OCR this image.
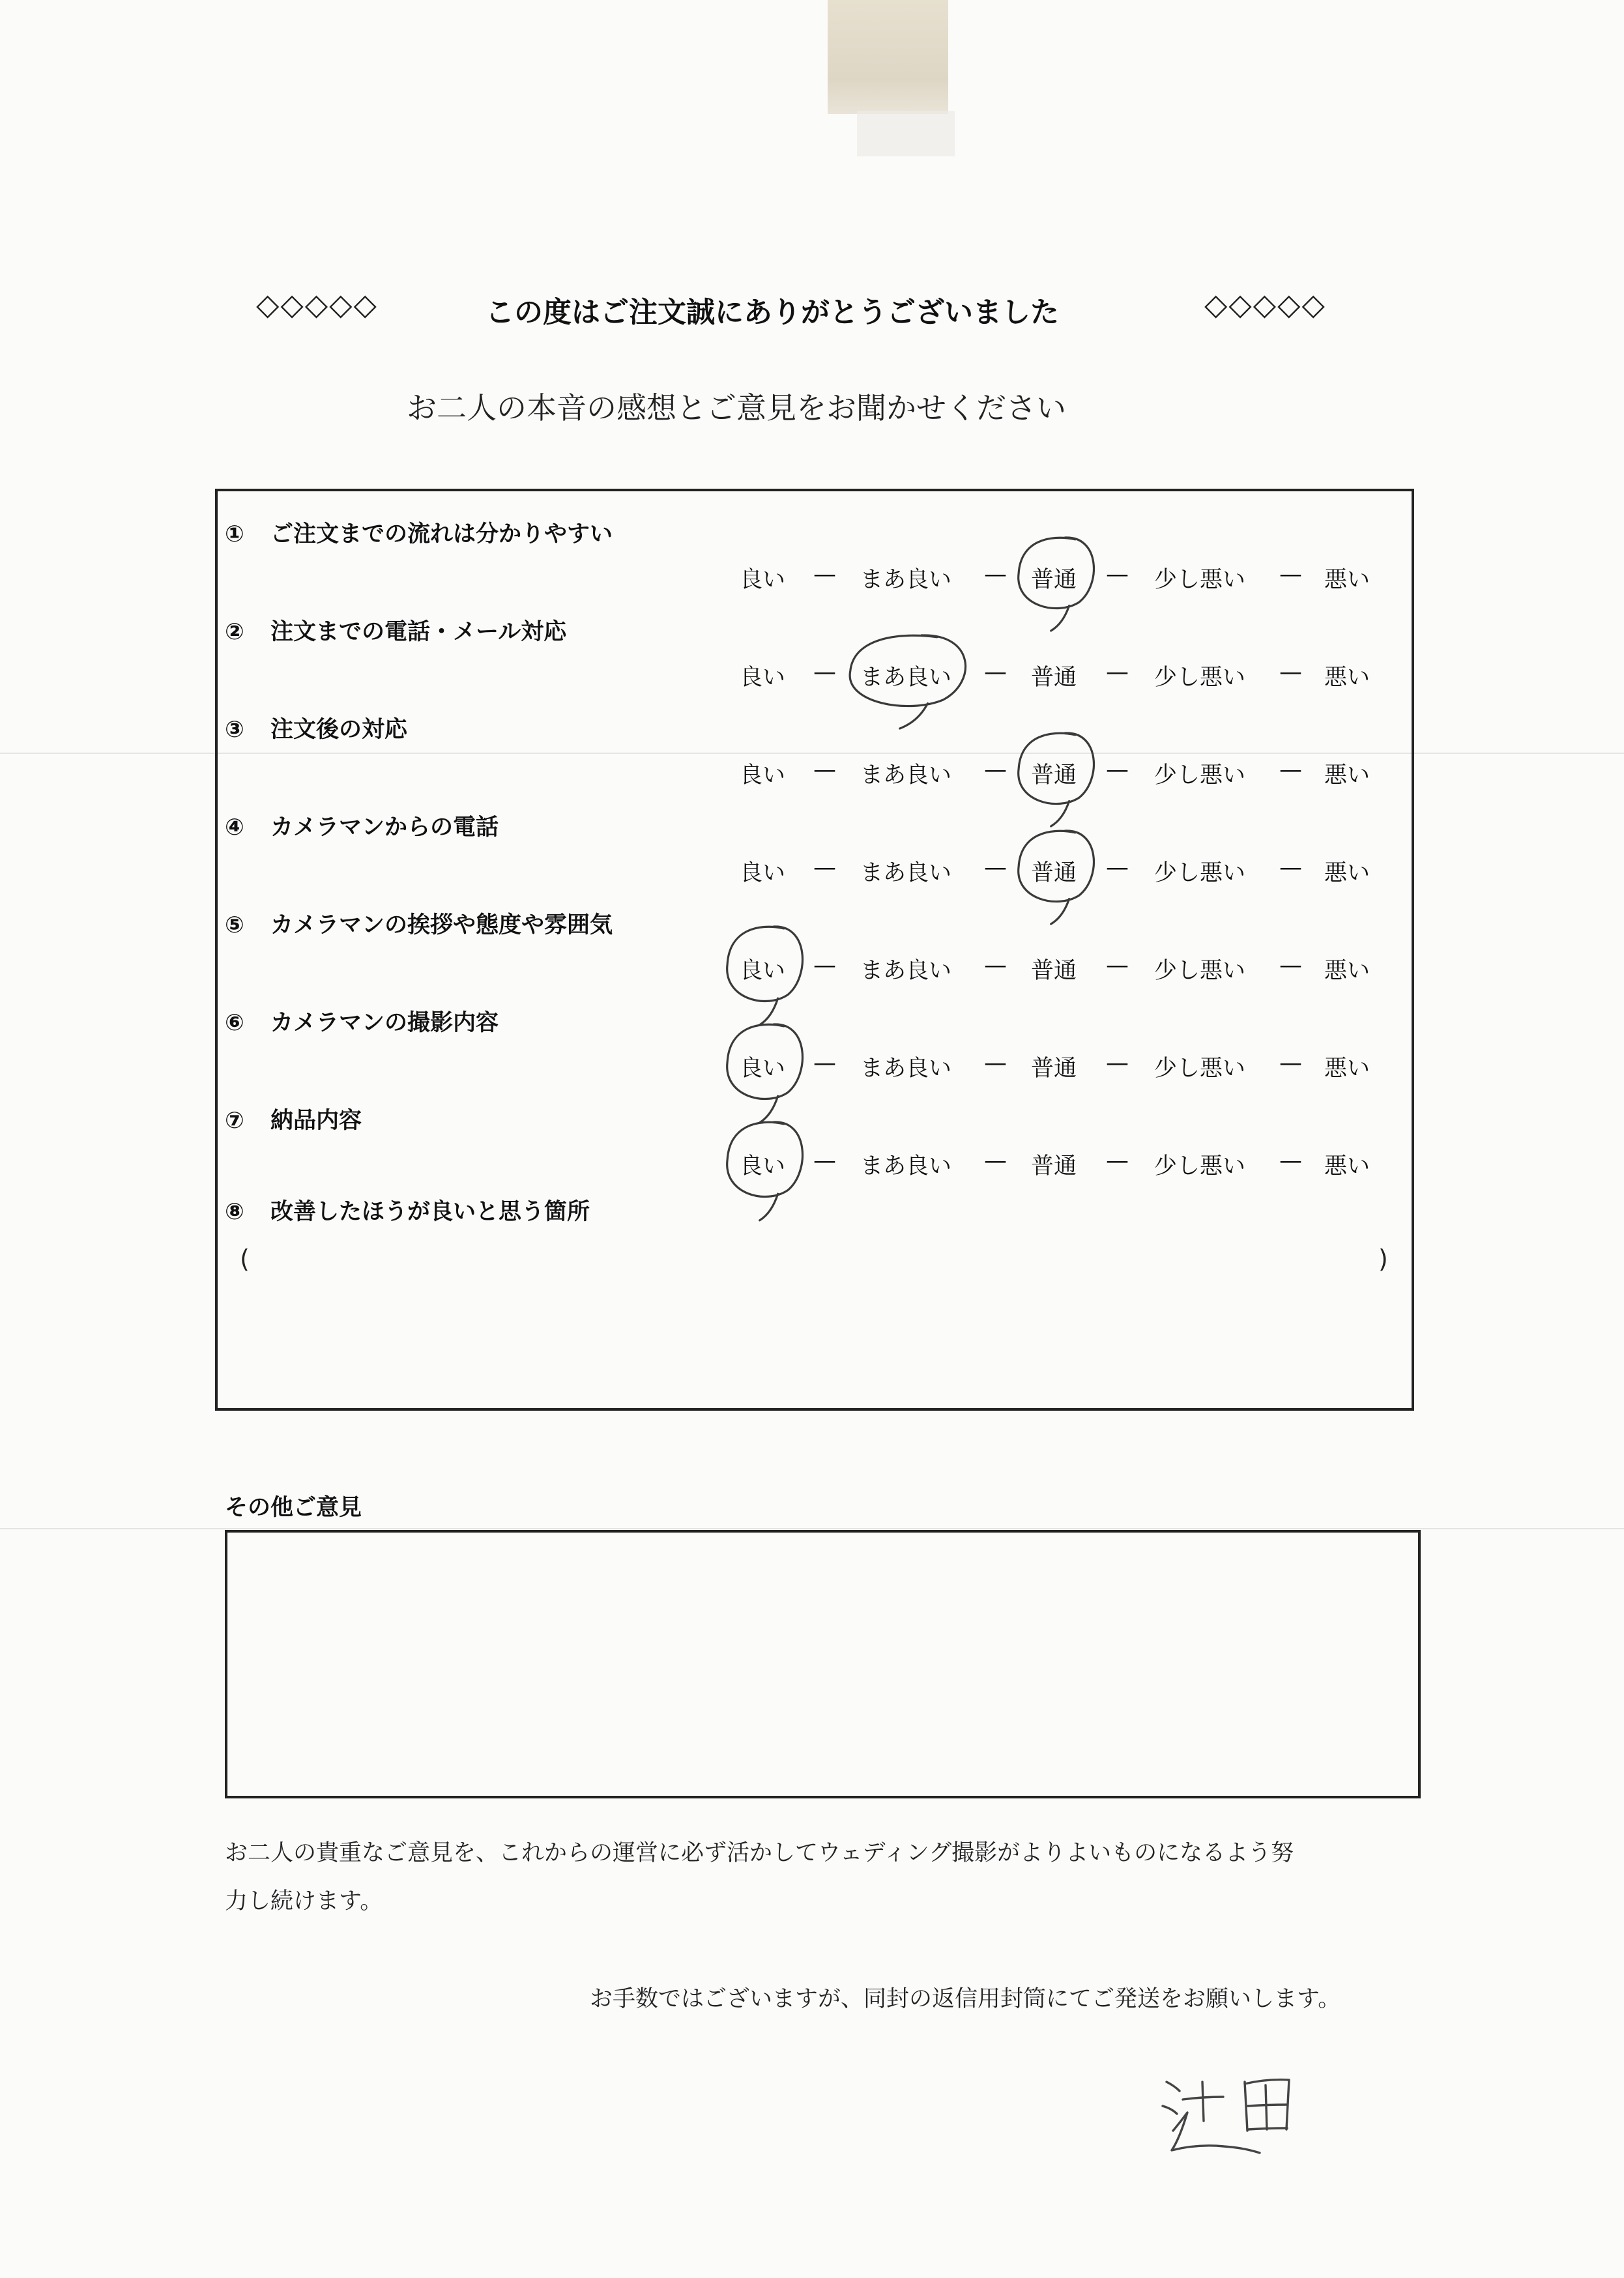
◇◇◇◇◇	この度はご注文誠にありがとうございました	◇◇◇◇◇
お二人の本音の感想とご意見をお聞かせください
① ご注文までの流れは分かりやすい
良い — まあ良い — 普通 — 少し悪い — 悪い
② 注文までの電話・メール対応
良い — まあ良い — 普通 — 少し悪い — 悪い
③ 注文後の対応
良い — まあ良い — 普通 — 少し悪い — 悪い
④ カメラマンからの電話
良い — まあ良い — 普通 — 少し悪い — 悪い
⑤ カメラマンの挨拶や態度や雰囲気
良い — まあ良い — 普通 — 少し悪い — 悪い
⑥ カメラマンの撮影内容
良い — まあ良い — 普通 — 少し悪い — 悪い
⑦ 納品内容
良い — まあ良い — 普通 — 少し悪い — 悪い
⑧ 改善したほうが良いと思う箇所
(	)
その他ご意見
お二人の貴重なご意見を、これからの運営に必ず活かしてウェディング撮影がよりよいものになるよう努
力し続けます。
お手数ではございますが、同封の返信用封筒にてご発送をお願いします。
